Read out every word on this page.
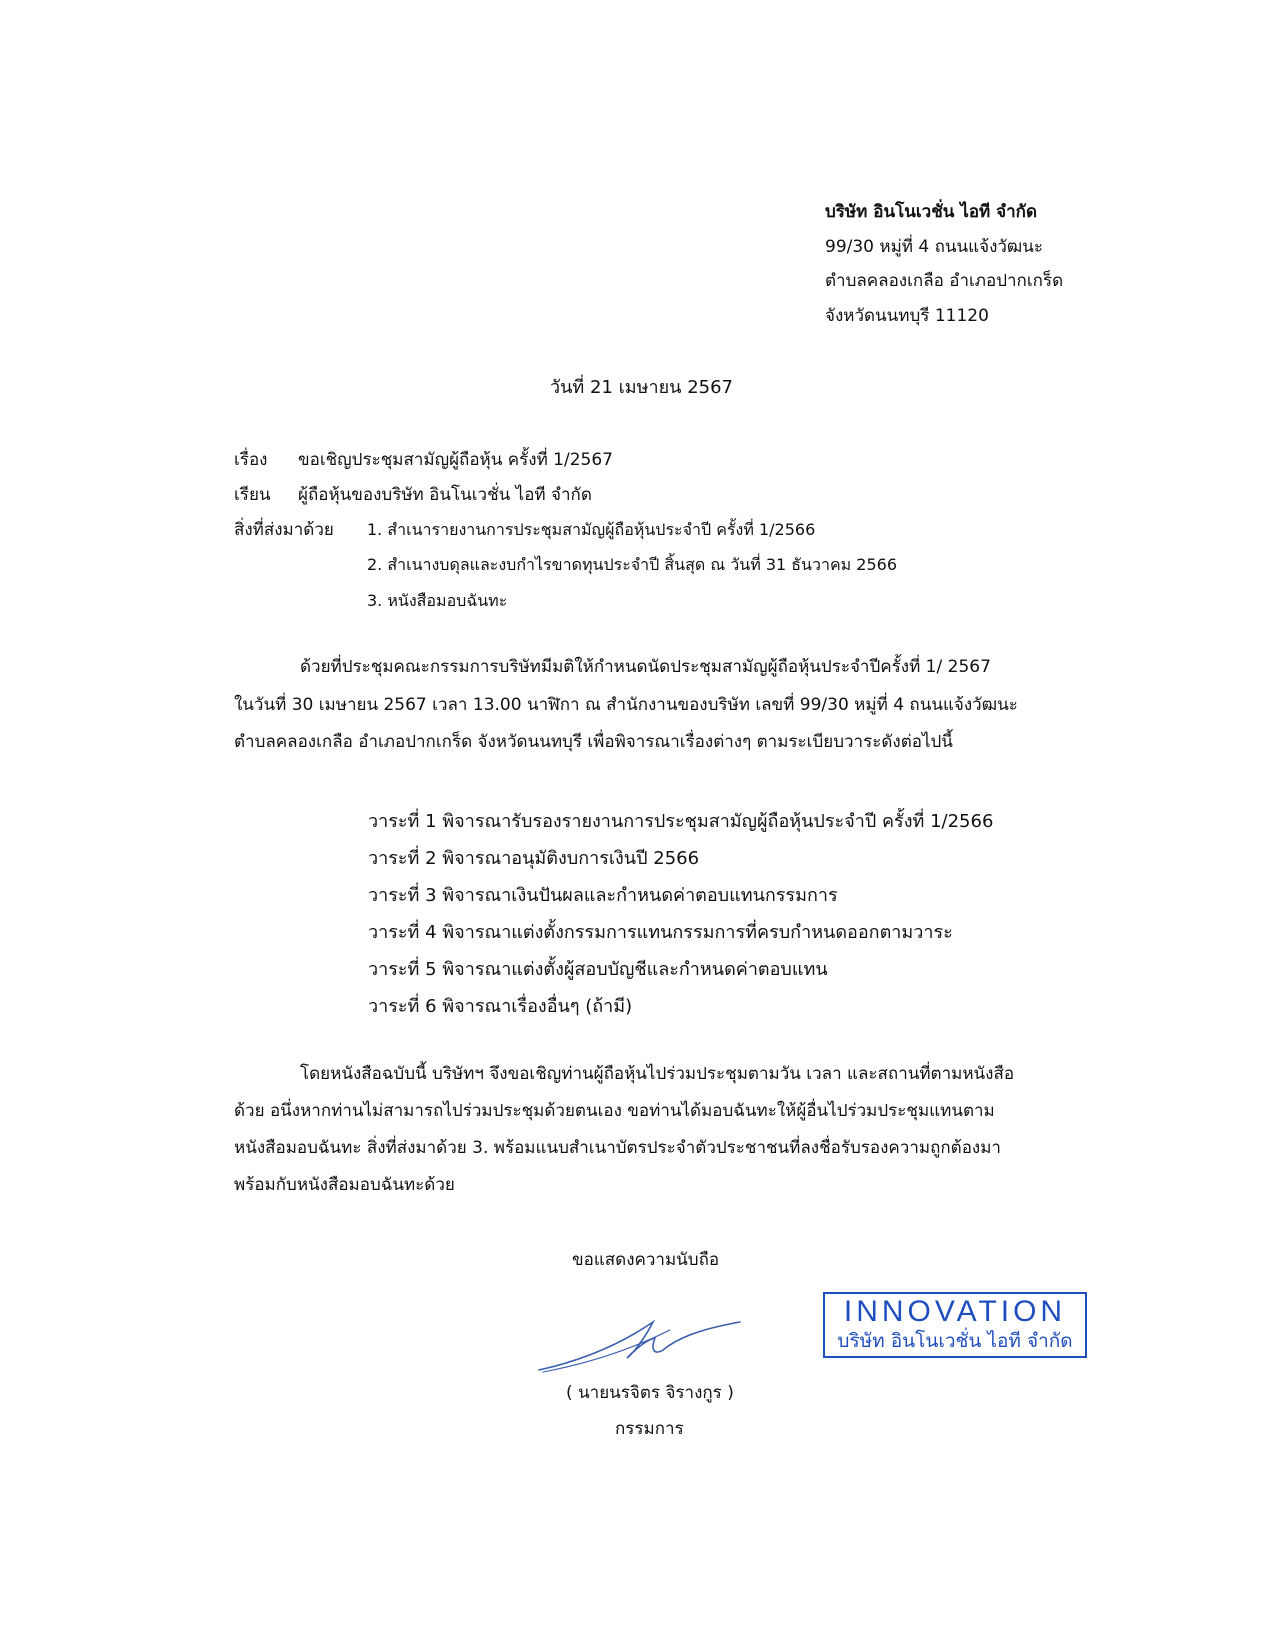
บริษัท อินโนเวชั่น ไอที จำกัด
99/30 หมู่ที่ 4 ถนนแจ้งวัฒนะ
ตำบลคลองเกลือ อำเภอปากเกร็ด
จังหวัดนนทบุรี 11120
วันที่ 21 เมษายน 2567
เรื่อง ขอเชิญประชุมสามัญผู้ถือหุ้น ครั้งที่ 1/2567
เรียน ผู้ถือหุ้นของบริษัท อินโนเวชั่น ไอที จำกัด
สิ่งที่ส่งมาด้วย 1. สำเนารายงานการประชุมสามัญผู้ถือหุ้นประจำปี ครั้งที่ 1/2566
2. สำเนางบดุลและงบกำไรขาดทุนประจำปี สิ้นสุด ณ วันที่ 31 ธันวาคม 2566
3. หนังสือมอบฉันทะ
ด้วยที่ประชุมคณะกรรมการบริษัทมีมติให้กำหนดนัดประชุมสามัญผู้ถือหุ้นประจำปีครั้งที่ 1/ 2567
ในวันที่ 30 เมษายน 2567 เวลา 13.00 นาฬิกา ณ สำนักงานของบริษัท เลขที่ 99/30 หมู่ที่ 4 ถนนแจ้งวัฒนะ
ตำบลคลองเกลือ อำเภอปากเกร็ด จังหวัดนนทบุรี เพื่อพิจารณาเรื่องต่างๆ ตามระเบียบวาระดังต่อไปนี้
วาระที่ 1 พิจารณารับรองรายงานการประชุมสามัญผู้ถือหุ้นประจำปี ครั้งที่ 1/2566
วาระที่ 2 พิจารณาอนุมัติงบการเงินปี 2566
วาระที่ 3 พิจารณาเงินปันผลและกำหนดค่าตอบแทนกรรมการ
วาระที่ 4 พิจารณาแต่งตั้งกรรมการแทนกรรมการที่ครบกำหนดออกตามวาระ
วาระที่ 5 พิจารณาแต่งตั้งผู้สอบบัญชีและกำหนดค่าตอบแทน
วาระที่ 6 พิจารณาเรื่องอื่นๆ (ถ้ามี)
โดยหนังสือฉบับนี้ บริษัทฯ จึงขอเชิญท่านผู้ถือหุ้นไปร่วมประชุมตามวัน เวลา และสถานที่ตามหนังสือ
ด้วย อนึ่งหากท่านไม่สามารถไปร่วมประชุมด้วยตนเอง ขอท่านได้มอบฉันทะให้ผู้อื่นไปร่วมประชุมแทนตาม
หนังสือมอบฉันทะ สิ่งที่ส่งมาด้วย 3. พร้อมแนบสำเนาบัตรประจำตัวประชาชนที่ลงชื่อรับรองความถูกต้องมา
พร้อมกับหนังสือมอบฉันทะด้วย
ขอแสดงความนับถือ
( นายนรจิตร จิรางกูร )
กรรมการ
INNOVATION
บริษัท อินโนเวชั่น ไอที จำกัด
